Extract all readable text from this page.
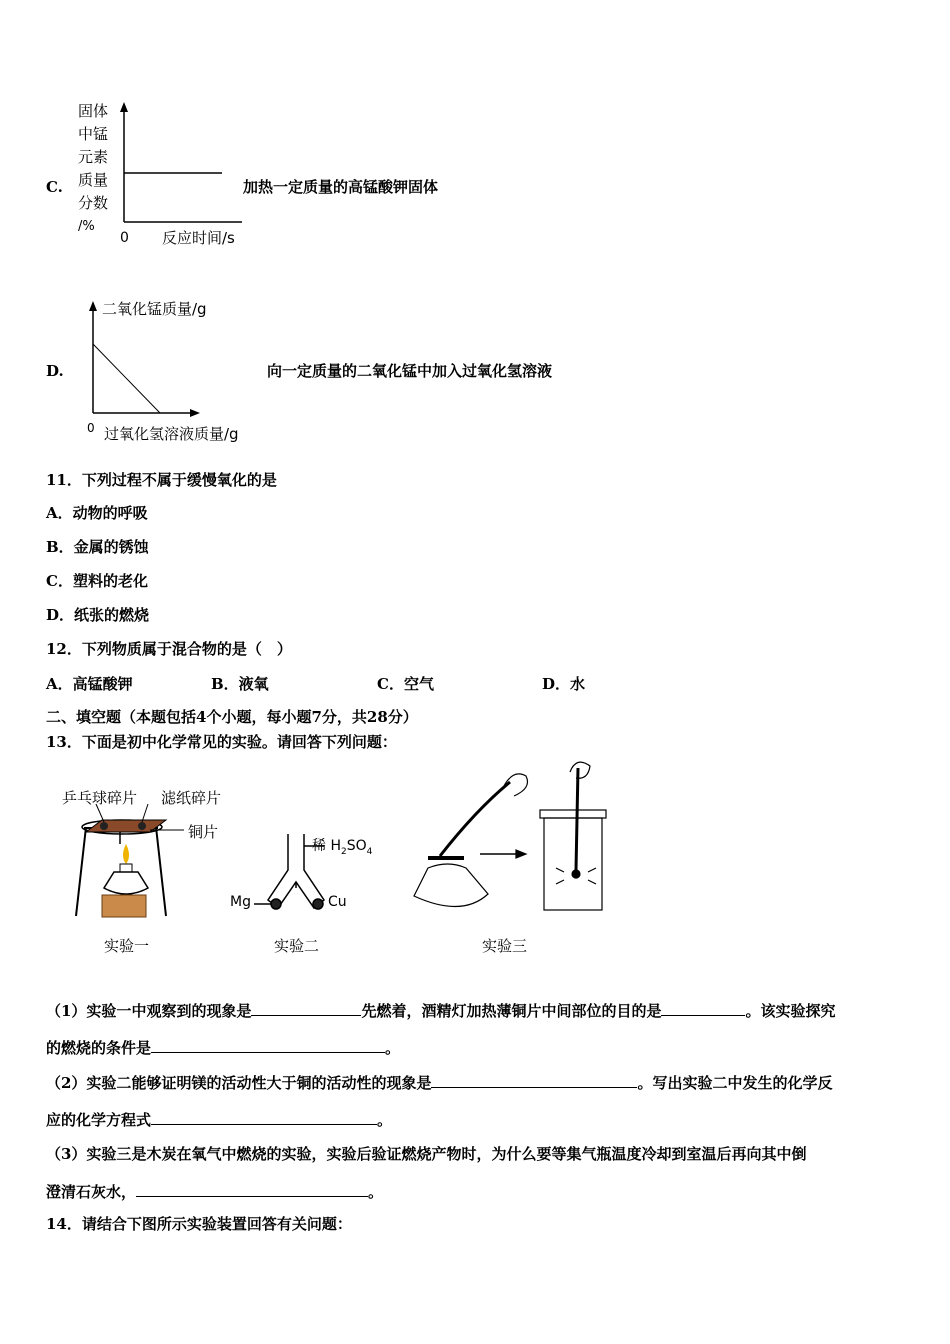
C.
固体
中锰
元素
质量
分数
/%
0 反应时间/s
加热一定质量的高锰酸钾固体
D.
二氧化锰质量/g
0 过氧化氢溶液质量/g
向一定质量的二氧化锰中加入过氧化氢溶液
11．下列过程不属于缓慢氧化的是
A．动物的呼吸
B．金属的锈蚀
C．塑料的老化
D．纸张的燃烧
12．下列物质属于混合物的是（　）
A．高锰酸钾	B．液氧	C．空气	D．水
二、填空题（本题包括4个小题，每小题7分，共28分）
13．下面是初中化学常见的实验。请回答下列问题：
乒乓球碎片 滤纸碎片
铜片
实验一
稀 $H_2SO_4$
Mg	Cu
实验二	实验三
（1）实验一中观察到的现象是	先燃着，酒精灯加热薄铜片中间部位的目的是	。该实验探究
的燃烧的条件是	。
（2）实验二能够证明镁的活动性大于铜的活动性的现象是	。写出实验二中发生的化学反
应的化学方程式	。
（3）实验三是木炭在氧气中燃烧的实验，实验后验证燃烧产物时，为什么要等集气瓶温度冷却到室温后再向其中倒
澄清石灰水，	。
14．请结合下图所示实验装置回答有关问题：
